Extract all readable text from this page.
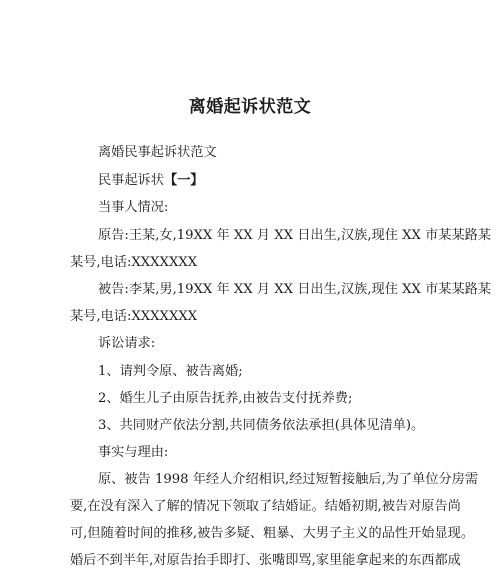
离婚起诉状范文
离婚民事起诉状范文
民事起诉状【一】
当事人情况:
原告:王某,女,19XX 年 XX 月 XX 日出生,汉族,现住 XX 市某某路某
某号,电话:XXXXXXX
被告:李某,男,19XX 年 XX 月 XX 日出生,汉族,现住 XX 市某某路某
某号,电话:XXXXXXX
诉讼请求:
1、请判令原、被告离婚;
2、婚生儿子由原告抚养,由被告支付抚养费;
3、共同财产依法分割,共同债务依法承担(具体见清单)。
事实与理由:
原、被告 1998 年经人介绍相识,经过短暂接触后,为了单位分房需
要,在没有深入了解的情况下领取了结婚证。结婚初期,被告对原告尚
可,但随着时间的推移,被告多疑、粗暴、大男子主义的品性开始显现。
婚后不到半年,对原告抬手即打、张嘴即骂,家里能拿起来的东西都成
